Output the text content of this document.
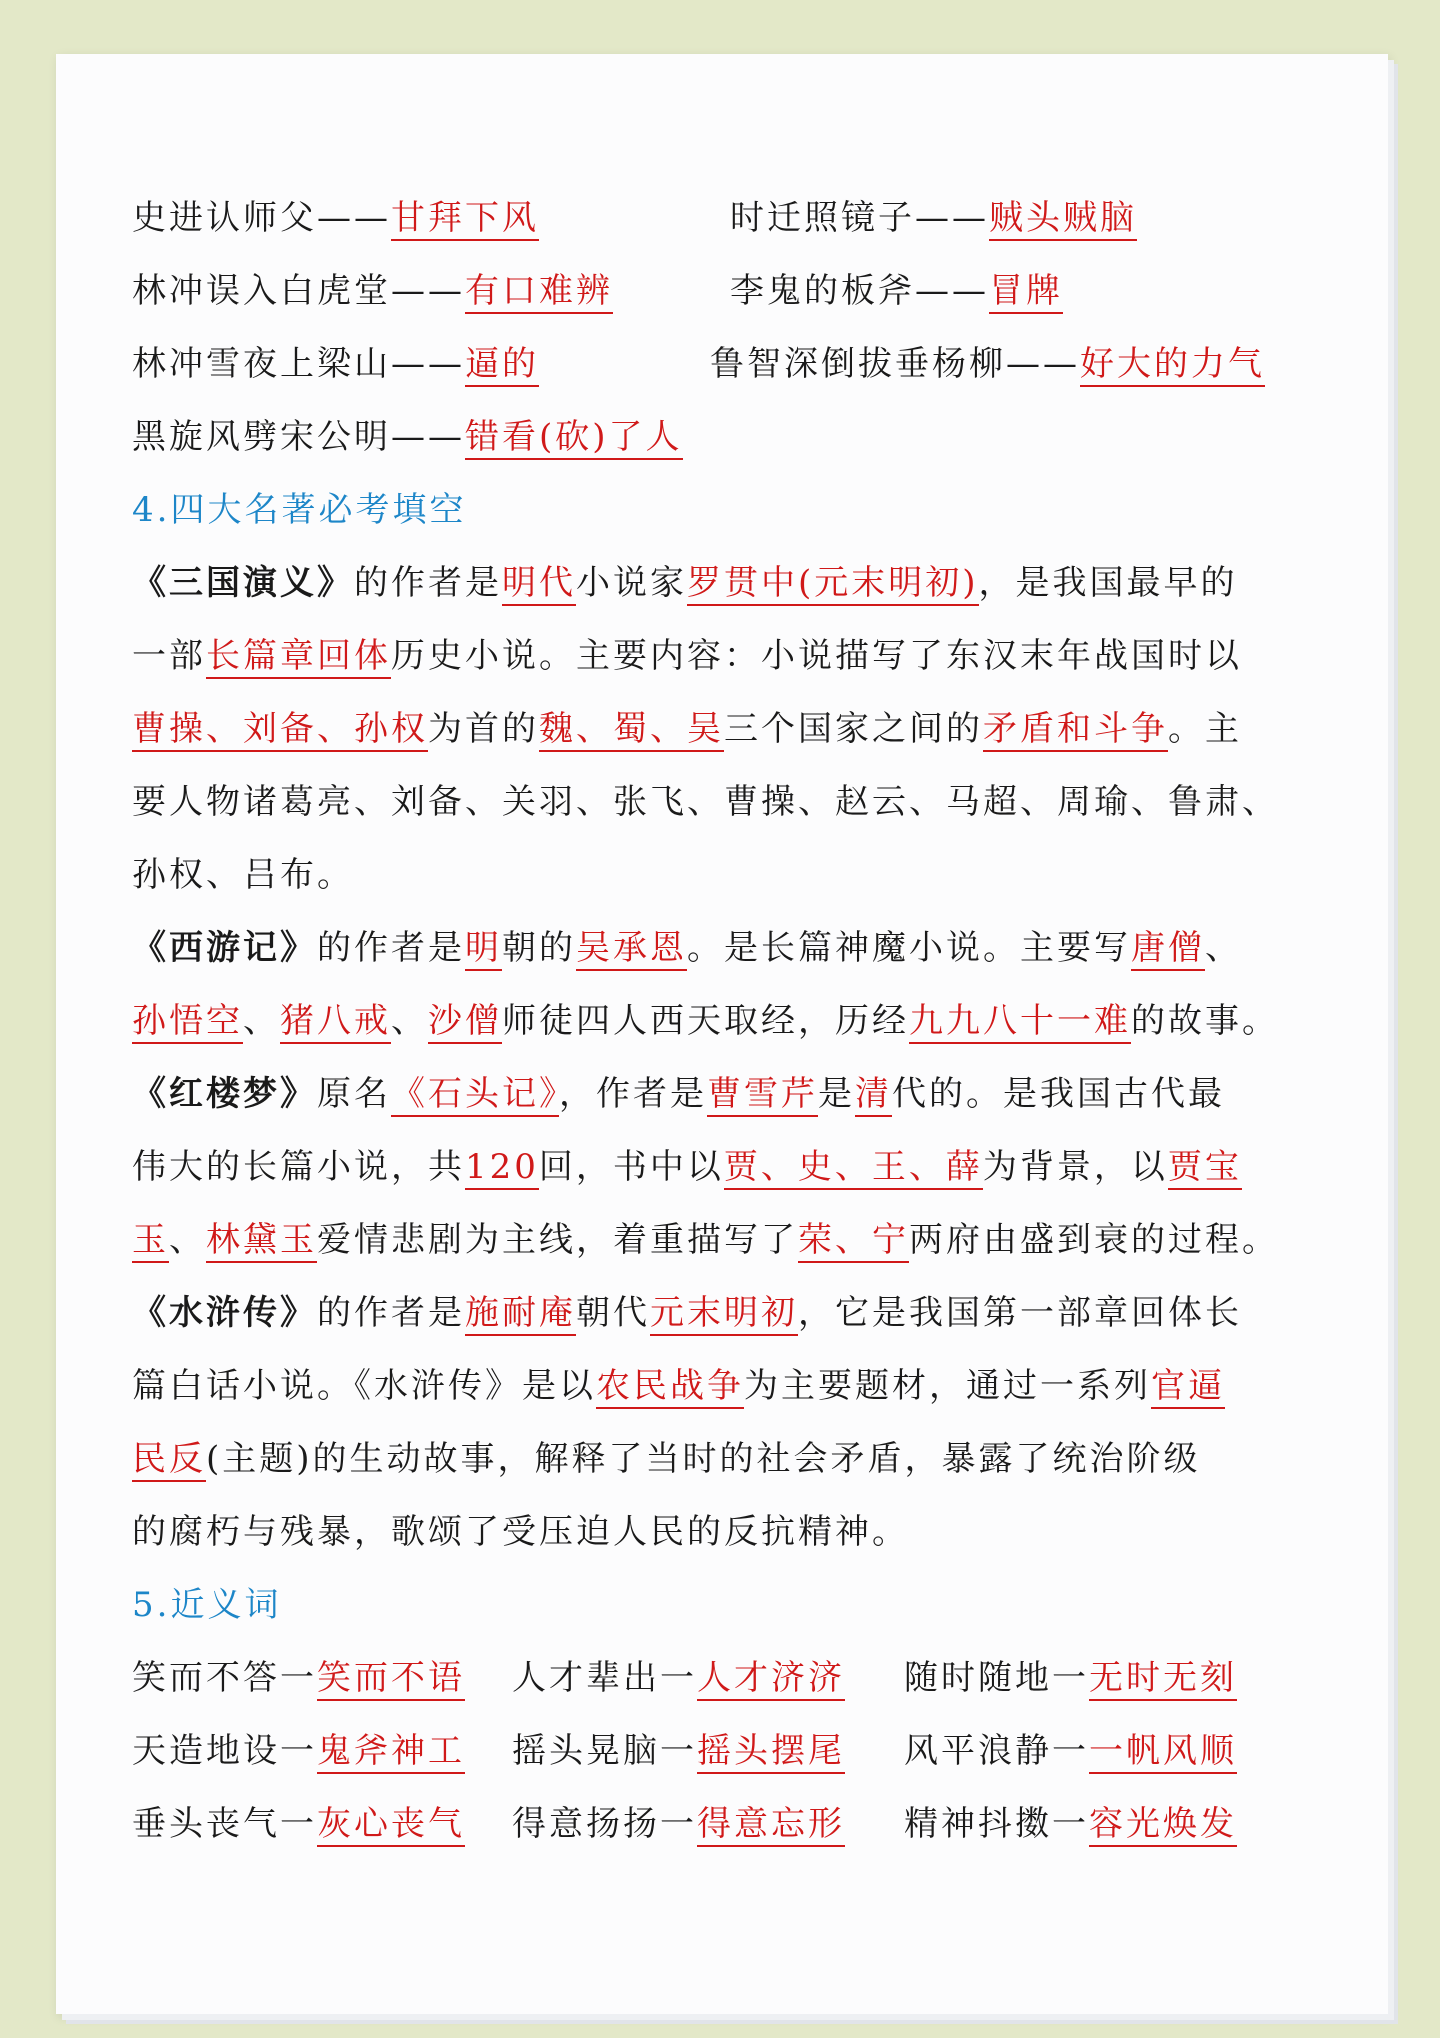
史进认师父——甘拜下风	时迁照镜子——贼头贼脑
林冲误入白虎堂——有口难辨	李鬼的板斧——冒牌
林冲雪夜上梁山——逼的	鲁智深倒拔垂杨柳——好大的力气
黑旋风劈宋公明——错看(砍)了人
4.四大名著必考填空
《三国演义》的作者是明代小说家罗贯中(元末明初)，是我国最早的
一部长篇章回体历史小说。主要内容：小说描写了东汉末年战国时以
曹操、刘备、孙权为首的魏、蜀、吴三个国家之间的矛盾和斗争。主
要人物诸葛亮、刘备、关羽、张飞、曹操、赵云、马超、周瑜、鲁肃、
孙权、吕布。
《西游记》的作者是明朝的吴承恩。是长篇神魔小说。主要写唐僧、
孙悟空、猪八戒、沙僧师徒四人西天取经，历经九九八十一难的故事。
《红楼梦》原名《石头记》，作者是曹雪芹是清代的。是我国古代最
伟大的长篇小说，共120回，书中以贾、史、王、薛为背景，以贾宝
玉、林黛玉爱情悲剧为主线，着重描写了荣、宁两府由盛到衰的过程。
《水浒传》的作者是施耐庵朝代元末明初，它是我国第一部章回体长
篇白话小说。《水浒传》是以农民战争为主要题材，通过一系列官逼
民反(主题)的生动故事，解释了当时的社会矛盾，暴露了统治阶级
的腐朽与残暴，歌颂了受压迫人民的反抗精神。
5.近义词
笑而不答一笑而不语 人才辈出一人才济济 随时随地一无时无刻
天造地设一鬼斧神工 摇头晃脑一摇头摆尾 风平浪静一一帆风顺
垂头丧气一灰心丧气 得意扬扬一得意忘形 精神抖擞一容光焕发
